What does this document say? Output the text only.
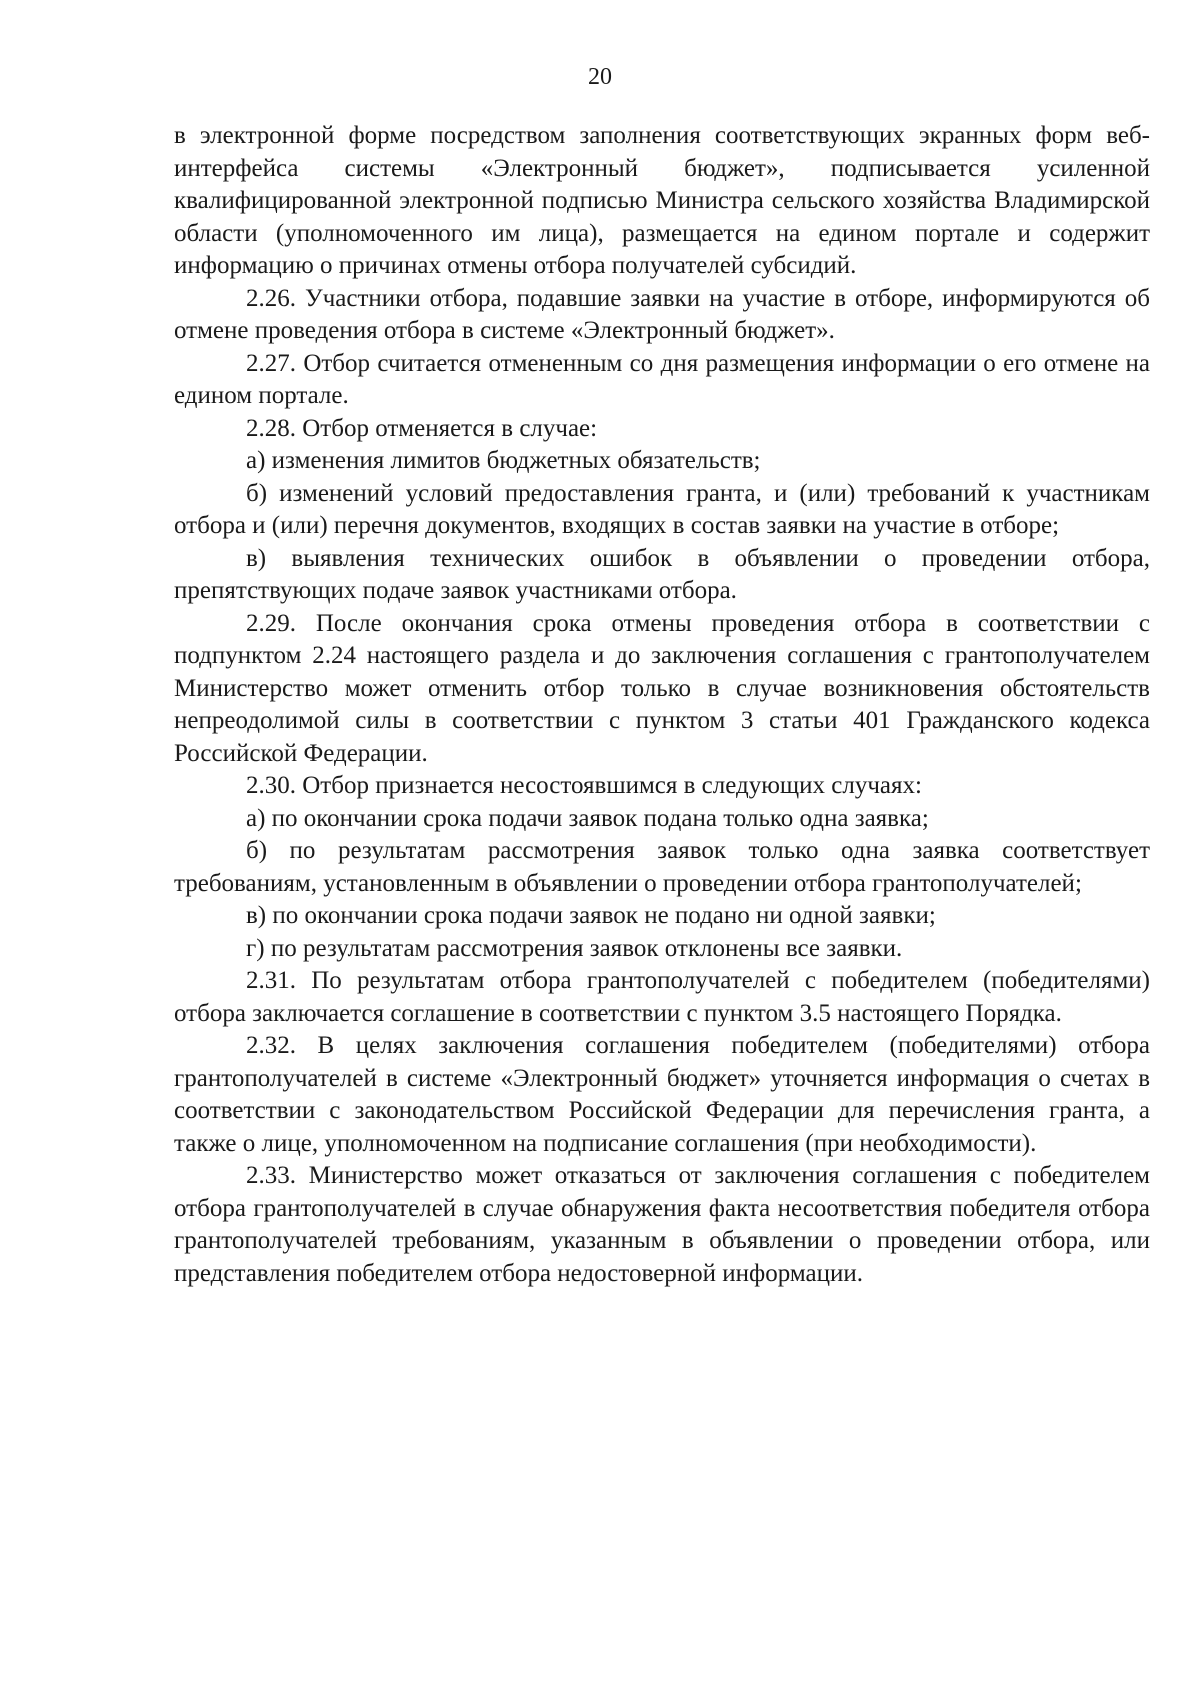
20

в электронной форме посредством заполнения соответствующих экранных форм веб-интерфейса системы «Электронный бюджет», подписывается усиленной квалифицированной электронной подписью Министра сельского хозяйства Владимирской области (уполномоченного им лица), размещается на едином портале и содержит информацию о причинах отмены отбора получателей субсидий.

2.26. Участники отбора, подавшие заявки на участие в отборе, информируются об отмене проведения отбора в системе «Электронный бюджет».

2.27. Отбор считается отмененным со дня размещения информации о его отмене на едином портале.

2.28. Отбор отменяется в случае:

а) изменения лимитов бюджетных обязательств;

б) изменений условий предоставления гранта, и (или) требований к участникам отбора и (или) перечня документов, входящих в состав заявки на участие в отборе;

в) выявления технических ошибок в объявлении о проведении отбора, препятствующих подаче заявок участниками отбора.

2.29. После окончания срока отмены проведения отбора в соответствии с подпунктом 2.24 настоящего раздела и до заключения соглашения с грантополучателем Министерство может отменить отбор только в случае возникновения обстоятельств непреодолимой силы в соответствии с пунктом 3 статьи 401 Гражданского кодекса Российской Федерации.

2.30. Отбор признается несостоявшимся в следующих случаях:

а) по окончании срока подачи заявок подана только одна заявка;

б) по результатам рассмотрения заявок только одна заявка соответствует требованиям, установленным в объявлении о проведении отбора грантополучателей;

в) по окончании срока подачи заявок не подано ни одной заявки;

г) по результатам рассмотрения заявок отклонены все заявки.

2.31. По результатам отбора грантополучателей с победителем (победителями) отбора заключается соглашение в соответствии с пунктом 3.5 настоящего Порядка.

2.32. В целях заключения соглашения победителем (победителями) отбора грантополучателей в системе «Электронный бюджет» уточняется информация о счетах в соответствии с законодательством Российской Федерации для перечисления гранта, а также о лице, уполномоченном на подписание соглашения (при необходимости).

2.33. Министерство может отказаться от заключения соглашения с победителем отбора грантополучателей в случае обнаружения факта несоответствия победителя отбора грантополучателей требованиям, указанным в объявлении о проведении отбора, или представления победителем отбора недостоверной информации.
